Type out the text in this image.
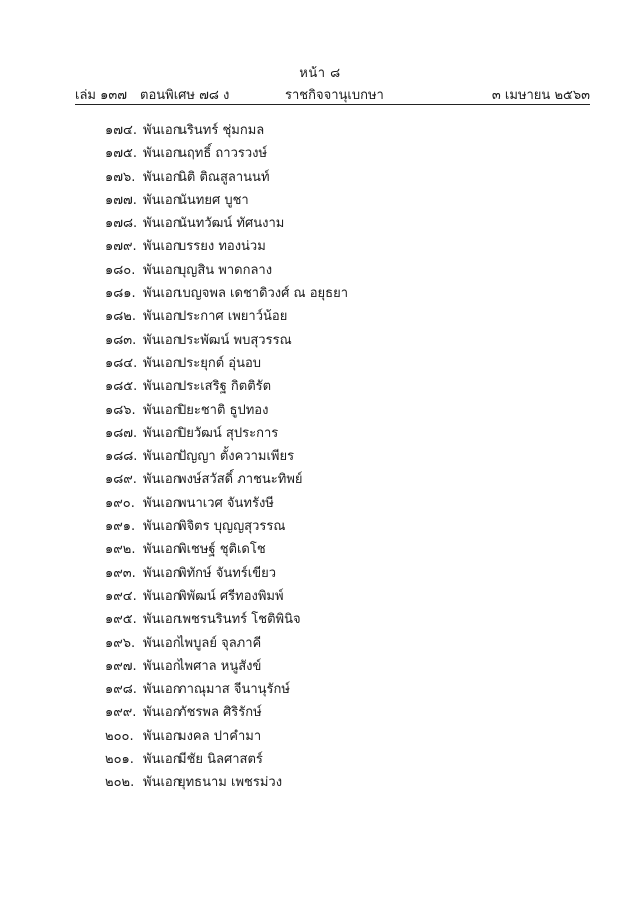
หน้า ๘
เล่ม ๑๓๗ ตอนพิเศษ ๗๘ ง	ราชกิจจานุเบกษา	๓ เมษายน ๒๕๖๓
๑๗๔. พันเอก
นรินทร์ ชุ่มกมล
๑๗๕. พันเอก
นฤทธิ์ ถาวรวงษ์
๑๗๖. พันเอก
นิติ ติณสูลานนท์
๑๗๗. พันเอก
นันทยศ บูชา
๑๗๘. พันเอก
นันทวัฒน์ ทัศนงาม
๑๗๙. พันเอก
บรรยง ทองน่วม
๑๘๐. พันเอก
บุญสิน พาดกลาง
๑๘๑. พันเอก
เบญจพล เดชาดิวงศ์ ณ อยุธยา
๑๘๒. พันเอก
ประกาศ เพยาว์น้อย
๑๘๓. พันเอก
ประพัฒน์ พบสุวรรณ
๑๘๔. พันเอก
ประยุกต์ อุ่นอบ
๑๘๕. พันเอก
ประเสริฐ กิตติรัต
๑๘๖. พันเอก
ปิยะชาติ ธูปทอง
๑๘๗. พันเอก
ปิยวัฒน์ สุประการ
๑๘๘. พันเอก
ปัญญา ตั้งความเพียร
๑๘๙. พันเอก
พงษ์สวัสดิ์ ภาชนะทิพย์
๑๙๐. พันเอก
พนาเวศ จันทรังษี
๑๙๑. พันเอก
พิจิตร บุญญสุวรรณ
๑๙๒. พันเอก
พิเชษฐ์ ชุติเดโช
๑๙๓. พันเอก
พิทักษ์ จันทร์เขียว
๑๙๔. พันเอก
พิพัฒน์ ศรีทองพิมพ์
๑๙๕. พันเอก
เพชรนรินทร์ โชติพินิจ
๑๙๖. พันเอก
ไพบูลย์ จุลภาคี
๑๙๗. พันเอก
ไพศาล หนูสังข์
๑๙๘. พันเอก
ภาณุมาส จีนานุรักษ์
๑๙๙. พันเอก
ภัชรพล ศิริรักษ์
๒๐๐. พันเอก
มงคล ปาคำมา
๒๐๑. พันเอก
มีชัย นิลศาสตร์
๒๐๒. พันเอก
ยุทธนาม เพชรม่วง
